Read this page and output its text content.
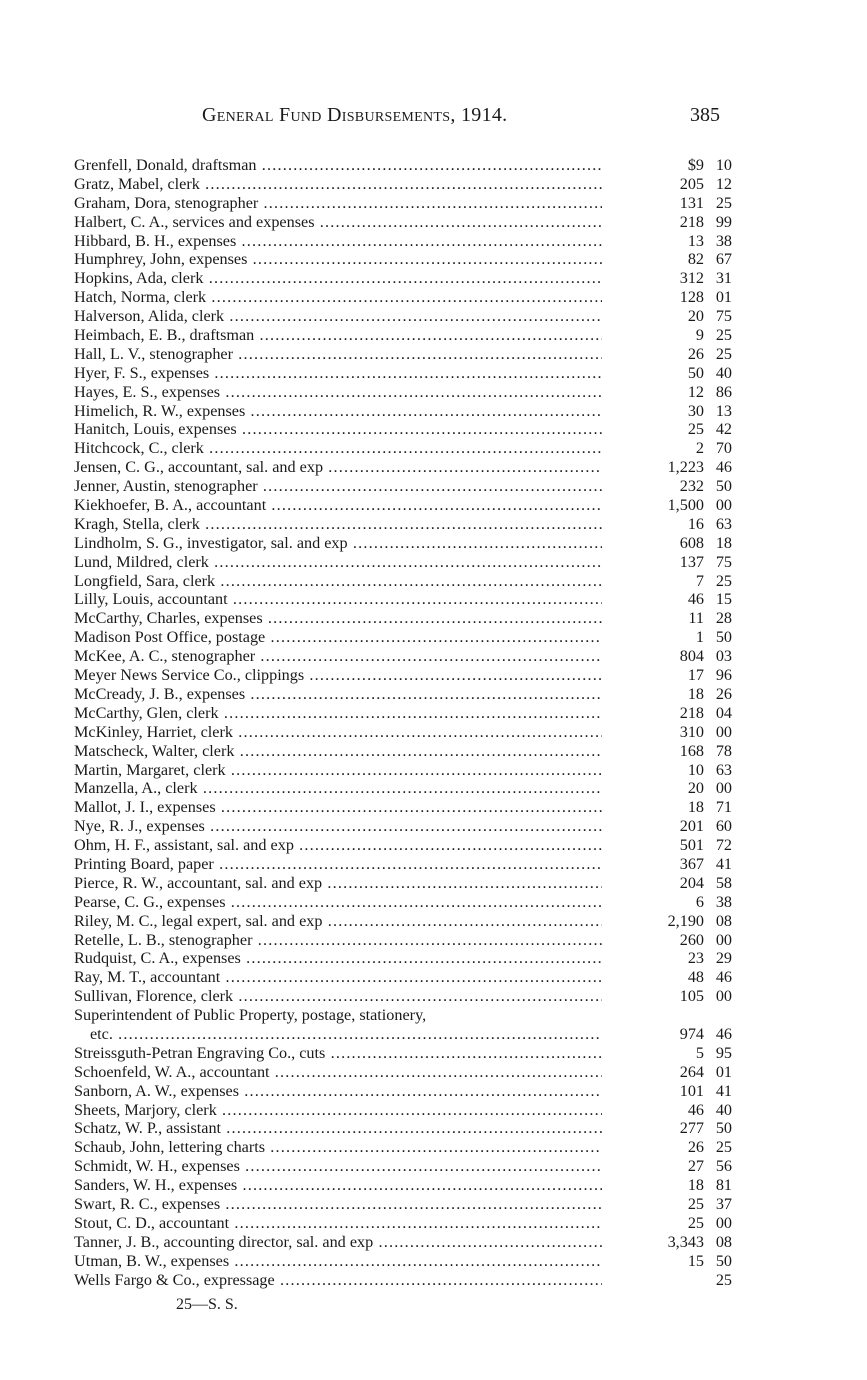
General Fund Disbursements, 1914.	385
Grenfell, Donald, draftsman .....	$9 10
Gratz, Mabel, clerk .....	205 12
Graham, Dora, stenographer .....	131 25
Halbert, C. A., services and expenses .....	218 99
Hibbard, B. H., expenses .....	13 38
Humphrey, John, expenses .....	82 67
Hopkins, Ada, clerk .....	312 31
Hatch, Norma, clerk .....	128 01
Halverson, Alida, clerk .....	20 75
Heimbach, E. B., draftsman .....	9 25
Hall, L. V., stenographer .....	26 25
Hyer, F. S., expenses .....	50 40
Hayes, E. S., expenses .....	12 86
Himelich, R. W., expenses .....	30 13
Hanitch, Louis, expenses .....	25 42
Hitchcock, C., clerk .....	2 70
Jensen, C. G., accountant, sal. and exp .....	1,223 46
Jenner, Austin, stenographer .....	232 50
Kiekhoefer, B. A., accountant .....	1,500 00
Kragh, Stella, clerk .....	16 63
Lindholm, S. G., investigator, sal. and exp .....	608 18
Lund, Mildred, clerk .....	137 75
Longfield, Sara, clerk .....	7 25
Lilly, Louis, accountant .....	46 15
McCarthy, Charles, expenses .....	11 28
Madison Post Office, postage .....	1 50
McKee, A. C., stenographer .....	804 03
Meyer News Service Co., clippings .....	17 96
McCready, J. B., expenses .....	18 26
McCarthy, Glen, clerk .....	218 04
McKinley, Harriet, clerk .....	310 00
Matscheck, Walter, clerk .....	168 78
Martin, Margaret, clerk .....	10 63
Manzella, A., clerk .....	20 00
Mallot, J. I., expenses .....	18 71
Nye, R. J., expenses .....	201 60
Ohm, H. F., assistant, sal. and exp .....	501 72
Printing Board, paper .....	367 41
Pierce, R. W., accountant, sal. and exp .....	204 58
Pearse, C. G., expenses .....	6 38
Riley, M. C., legal expert, sal. and exp .....	2,190 08
Retelle, L. B., stenographer .....	260 00
Rudquist, C. A., expenses .....	23 29
Ray, M. T., accountant .....	48 46
Sullivan, Florence, clerk .....	105 00
Superintendent of Public Property, postage, stationery,
etc. .....	974 46
Streissguth-Petran Engraving Co., cuts .....	5 95
Schoenfeld, W. A., accountant .....	264 01
Sanborn, A. W., expenses .....	101 41
Sheets, Marjory, clerk .....	46 40
Schatz, W. P., assistant .....	277 50
Schaub, John, lettering charts .....	26 25
Schmidt, W. H., expenses .....	27 56
Sanders, W. H., expenses .....	18 81
Swart, R. C., expenses .....	25 37
Stout, C. D., accountant .....	25 00
Tanner, J. B., accounting director, sal. and exp .....	3,343 08
Utman, B. W., expenses .....	15 50
Wells Fargo & Co., expressage .....	25
25—S. S.
